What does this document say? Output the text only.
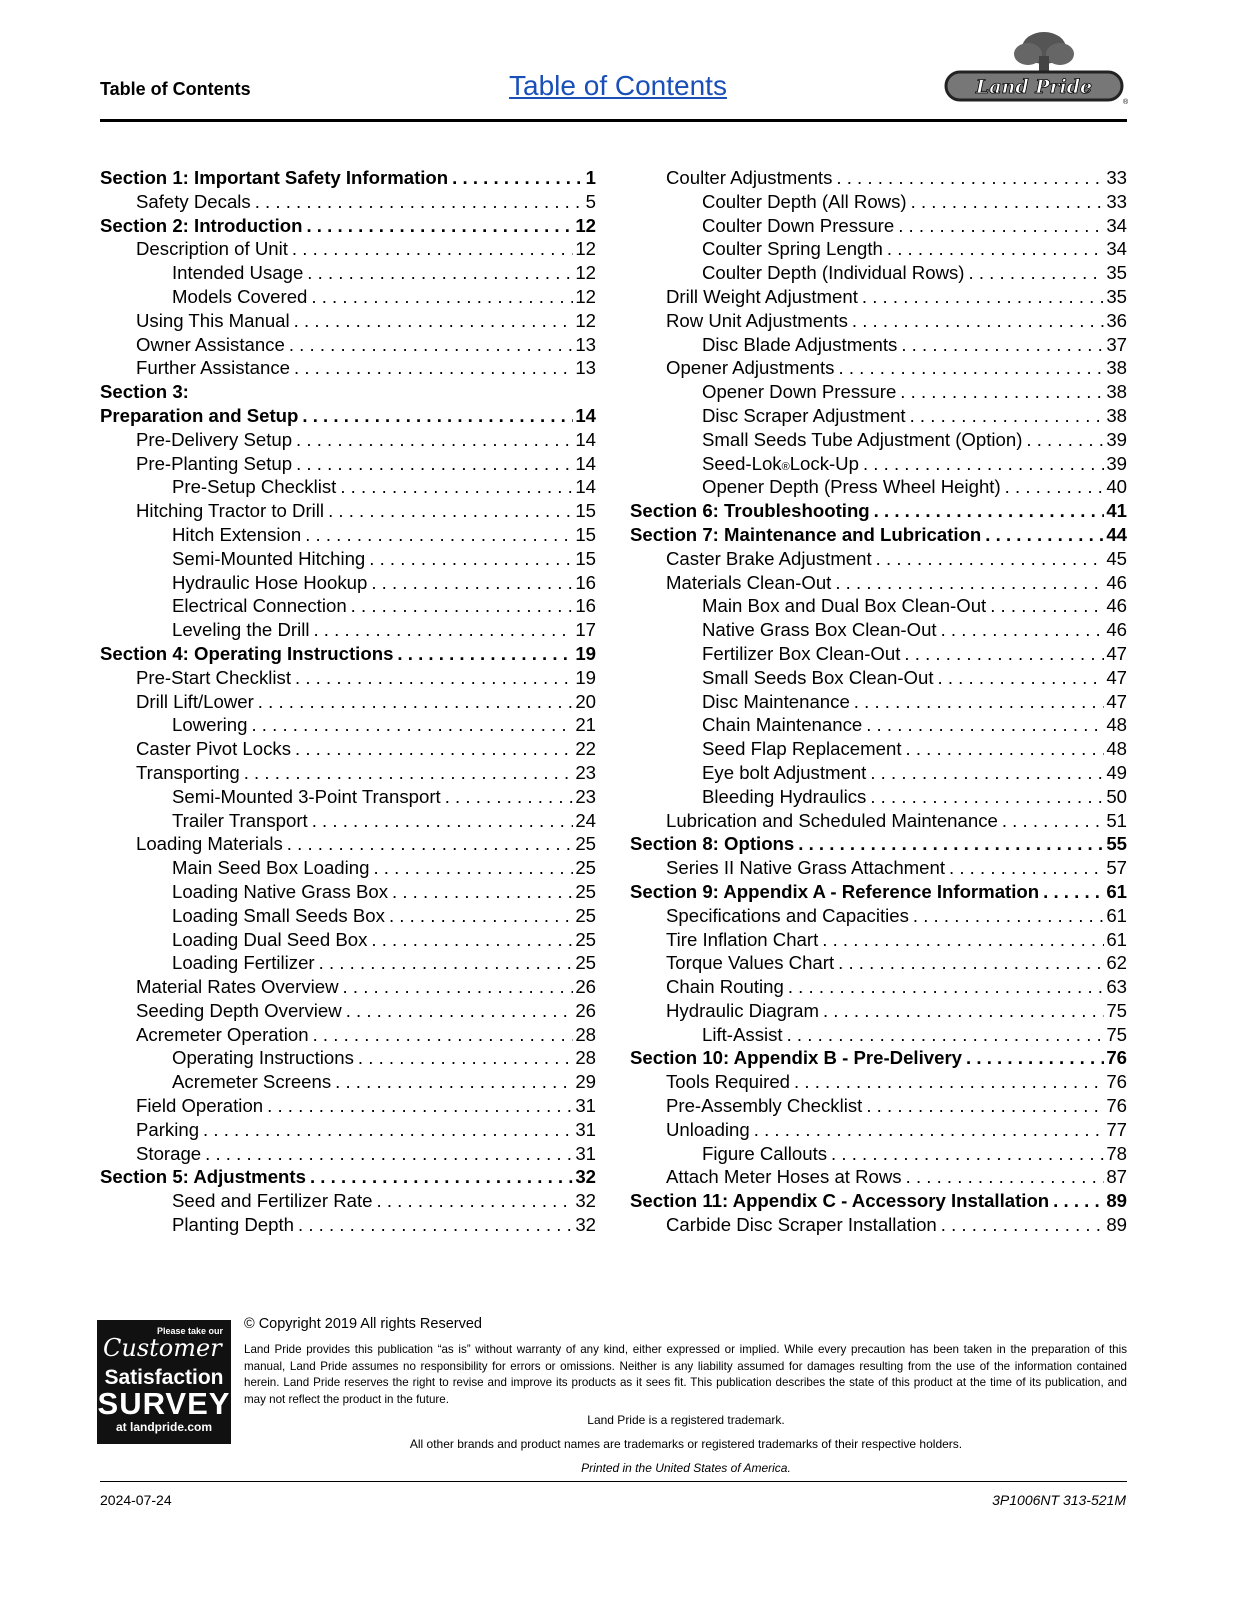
Table of Contents	Table of Contents	Land Pride
®
Section 1: Important Safety Information . . .	1
Safety Decals . . .	5
Section 2: Introduction . . .	12
Description of Unit . . .	12
Intended Usage . . .	12
Models Covered . . .	12
Using This Manual . . .	12
Owner Assistance . . .	13
Further Assistance . . .	13
Section 3:
Preparation and Setup . . .	14
Pre-Delivery Setup . . .	14
Pre-Planting Setup . . .	14
Pre-Setup Checklist . . .	14
Hitching Tractor to Drill . . .	15
Hitch Extension . . .	15
Semi-Mounted Hitching . . .	15
Hydraulic Hose Hookup . . .	16
Electrical Connection . . .	16
Leveling the Drill . . .	17
Section 4: Operating Instructions . . .	19
Pre-Start Checklist . . .	19
Drill Lift/Lower . . .	20
Lowering . . .	21
Caster Pivot Locks . . .	22
Transporting . . .	23
Semi-Mounted 3-Point Transport . . .	23
Trailer Transport . . .	24
Loading Materials . . .	25
Main Seed Box Loading . . .	25
Loading Native Grass Box . . .	25
Loading Small Seeds Box . . .	25
Loading Dual Seed Box . . .	25
Loading Fertilizer . . .	25
Material Rates Overview . . .	26
Seeding Depth Overview . . .	26
Acremeter Operation . . .	28
Operating Instructions . . .	28
Acremeter Screens . . .	29
Field Operation . . .	31
Parking . . .	31
Storage . . .	31
Section 5: Adjustments . . .	32
Seed and Fertilizer Rate . . .	32
Planting Depth . . .	32
Coulter Adjustments . . .	33
Coulter Depth (All Rows) . . .	33
Coulter Down Pressure . . .	34
Coulter Spring Length . . .	34
Coulter Depth (Individual Rows) . . .	35
Drill Weight Adjustment . . .	35
Row Unit Adjustments . . .	36
Disc Blade Adjustments . . .	37
Opener Adjustments . . .	38
Opener Down Pressure . . .	38
Disc Scraper Adjustment . . .	38
Small Seeds Tube Adjustment (Option) . . .	39
Seed-Lok ® Lock-Up . . .	39
Opener Depth (Press Wheel Height) . . .	40
Section 6: Troubleshooting . . .	41
Section 7: Maintenance and Lubrication . . .	44
Caster Brake Adjustment . . .	45
Materials Clean-Out . . .	46
Main Box and Dual Box Clean-Out . . .	46
Native Grass Box Clean-Out . . .	46
Fertilizer Box Clean-Out . . .	47
Small Seeds Box Clean-Out . . .	47
Disc Maintenance . . .	47
Chain Maintenance . . .	48
Seed Flap Replacement . . .	48
Eye bolt Adjustment . . .	49
Bleeding Hydraulics . . .	50
Lubrication and Scheduled Maintenance . . .	51
Section 8: Options . . .	55
Series II Native Grass Attachment . . .	57
Section 9: Appendix A - Reference Information . . .	61
Specifications and Capacities . . .	61
Tire Inflation Chart . . .	61
Torque Values Chart . . .	62
Chain Routing . . .	63
Hydraulic Diagram . . .	75
Lift-Assist . . .	75
Section 10: Appendix B - Pre-Delivery . . .	76
Tools Required . . .	76
Pre-Assembly Checklist . . .	76
Unloading . . .	77
Figure Callouts . . .	78
Attach Meter Hoses at Rows . . .	87
Section 11: Appendix C - Accessory Installation . . .	89
Carbide Disc Scraper Installation . . .	89
Please take our
Customer
Satisfaction
SURVEY
at landpride.com
© Copyright 2019 All rights Reserved
Land Pride provides this publication “as is” without warranty of any kind, either expressed or implied. While every precaution has been taken in the preparation of this manual, Land Pride assumes no responsibility for errors or omissions. Neither is any liability assumed for damages resulting from the use of the information contained herein. Land Pride reserves the right to revise and improve its products as it sees fit. This publication describes the state of this product at the time of its publication, and may not reflect the product in the future.
Land Pride is a registered trademark.
All other brands and product names are trademarks or registered trademarks of their respective holders.
Printed in the United States of America.
2024-07-24	3P1006NT 313-521M
